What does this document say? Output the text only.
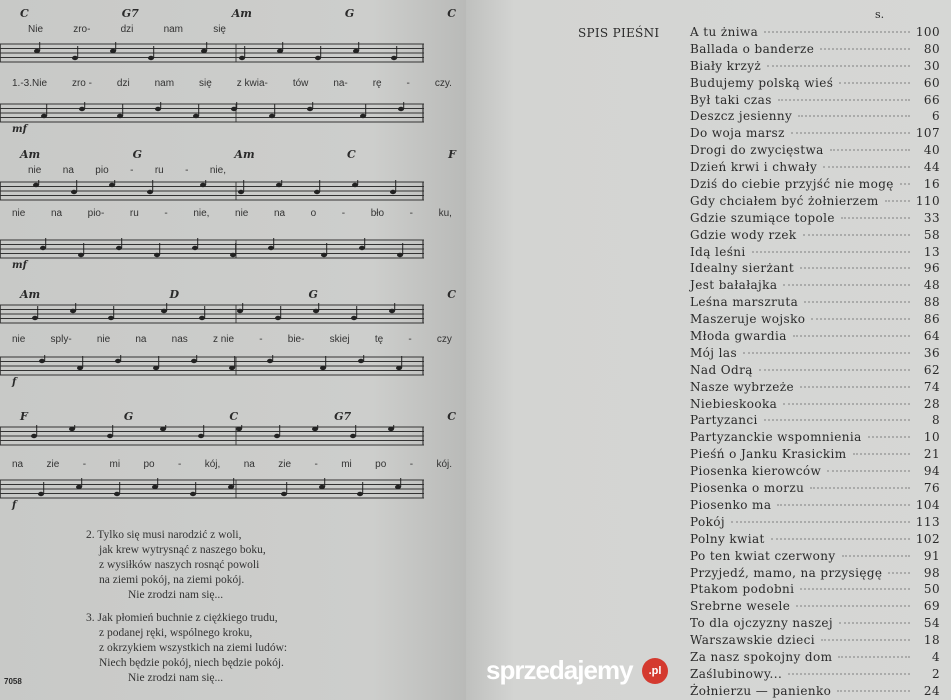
C	G7	Am	G	C
Nie	zro-	dzi	nam	się
1.-3.Nie zro - dzi nam się z kwia- tów na- rę - czy.
mf
Am	G	Am	C	F
nie na pio - ru - nie,
nie	na	pio-	ru	-	nie,	nie	na	o	-	bło	-	ku,
mf
Am	D	G	C
nie	sply-	nie	na	nas	z nie	-	bie-	skiej	tę	-	czy
f
F	G	C	G7	C
na zie - mi po - kój, na zie - mi po - kój.
f
2. Tylko się musi narodzić z woli,
jak krew wytrysnąć z naszego boku,
z wysiłków naszych rosnąć powoli
na ziemi pokój, na ziemi pokój.
Nie zrodzi nam się...
3. Jak płomień buchnie z ciężkiego trudu,
z podanej ręki, wspólnego kroku,
z okrzykiem wszystkich na ziemi ludów:
Niech będzie pokój, niech będzie pokój.
Nie zrodzi nam się...
7058
s.
SPIS PIEŚNI	A tu żniwa	100
Ballada o banderze	80
Biały krzyż	30
Budujemy polską wieś	60
Był taki czas	66
Deszcz jesienny	6
Do woja marsz	107
Drogi do zwycięstwa	40
Dzień krwi i chwały	44
Dziś do ciebie przyjść nie mogę	16
Gdy chciałem być żołnierzem	110
Gdzie szumiące topole	33
Gdzie wody rzek	58
Idą leśni	13
Idealny sierżant	96
Jest bałałajka	48
Leśna marszruta	88
Maszeruje wojsko	86
Młoda gwardia	64
Mój las	36
Nad Odrą	62
Nasze wybrzeże	74
Niebieskooka	28
Partyzanci	8
Partyzanckie wspomnienia	10
Pieśń o Janku Krasickim	21
Piosenka kierowców	94
Piosenka o morzu	76
Piosenko ma	104
Pokój	113
Polny kwiat	102
Po ten kwiat czerwony	91
Przyjedź, mamo, na przysięgę	98
Ptakom podobni	50
Srebrne wesele	69
To dla ojczyzny naszej	54
Warszawskie dzieci	18
Za nasz spokojny dom	4
Zaślubinowy...	2
Żołnierzu — panienko	24
sprzedajemy	.pl
